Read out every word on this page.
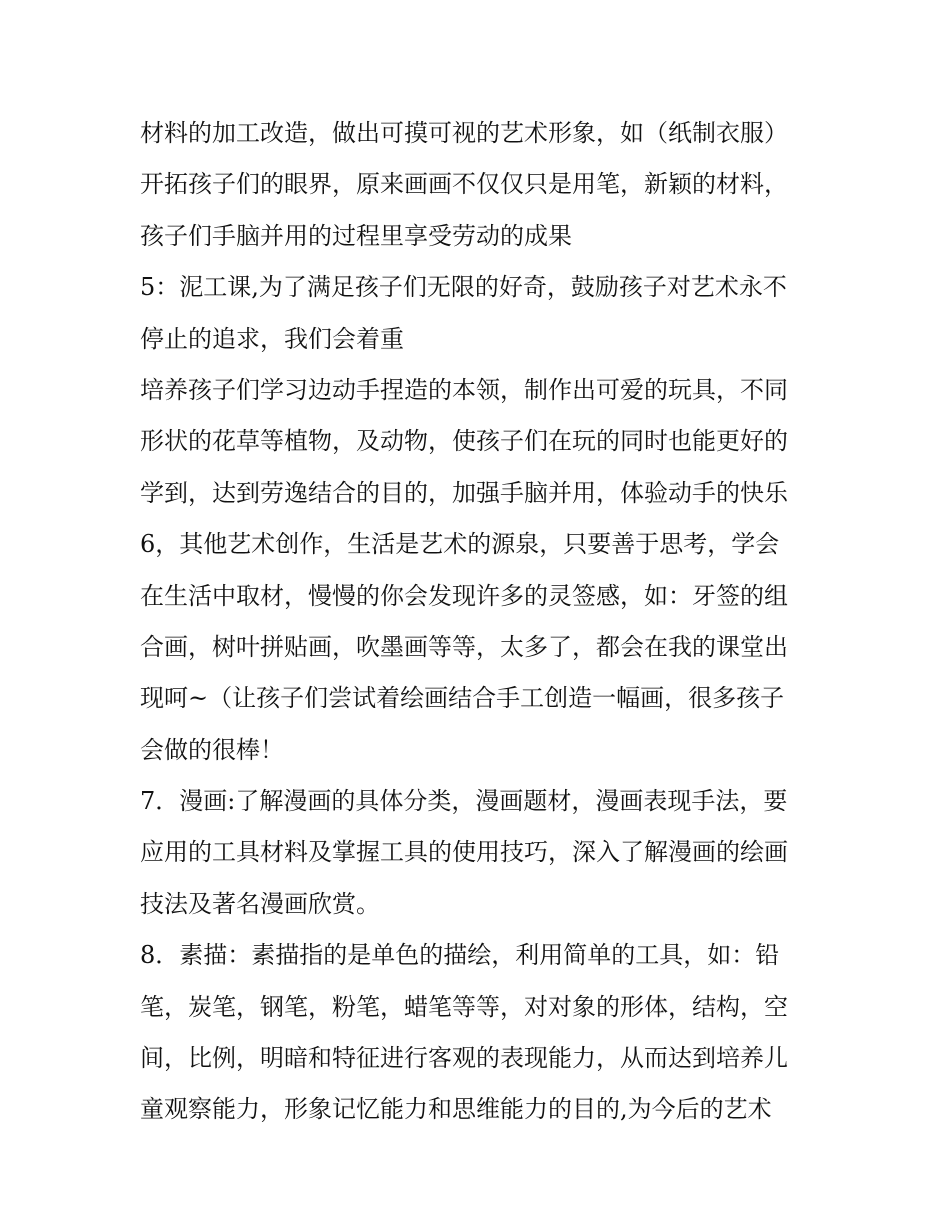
材料的加工改造，做出可摸可视的艺术形象，如（纸制衣服）
开拓孩子们的眼界，原来画画不仅仅只是用笔，新颖的材料，
孩子们手脑并用的过程里享受劳动的成果
5：泥工课,为了满足孩子们无限的好奇，鼓励孩子对艺术永不
停止的追求，我们会着重
培养孩子们学习边动手捏造的本领，制作出可爱的玩具，不同
形状的花草等植物，及动物，使孩子们在玩的同时也能更好的
学到，达到劳逸结合的目的，加强手脑并用，体验动手的快乐
6，其他艺术创作，生活是艺术的源泉，只要善于思考，学会
在生活中取材，慢慢的你会发现许多的灵签感，如：牙签的组
合画，树叶拼贴画，吹墨画等等，太多了，都会在我的课堂出
现呵~（让孩子们尝试着绘画结合手工创造一幅画，很多孩子
会做的很棒！
7．漫画:了解漫画的具体分类，漫画题材，漫画表现手法，要
应用的工具材料及掌握工具的使用技巧，深入了解漫画的绘画
技法及著名漫画欣赏。
8．素描：素描指的是单色的描绘，利用简单的工具，如：铅
笔，炭笔，钢笔，粉笔，蜡笔等等，对对象的形体，结构，空
间，比例，明暗和特征进行客观的表现能力，从而达到培养儿
童观察能力，形象记忆能力和思维能力的目的,为今后的艺术
